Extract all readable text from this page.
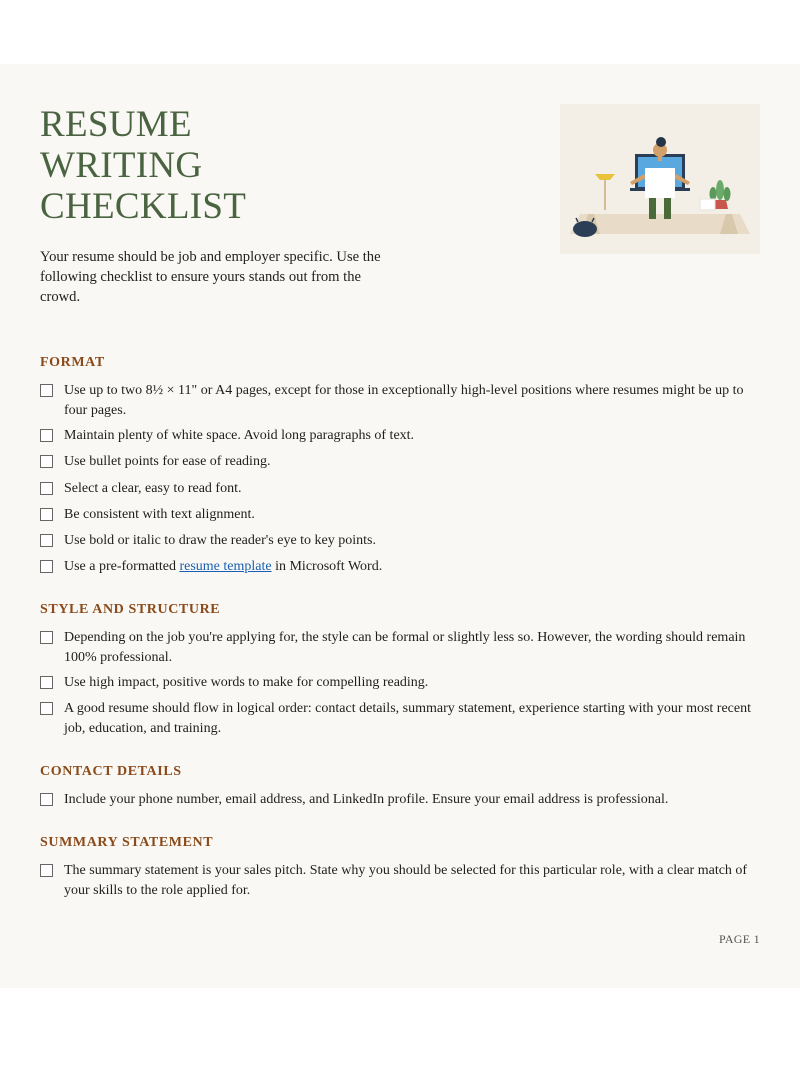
RESUME
WRITING
CHECKLIST

Your resume should be job and employer specific. Use the following checklist to ensure yours stands out from the crowd.

FORMAT
Use up to two 8½ × 11" or A4 pages, except for those in exceptionally high-level positions where resumes might be up to four pages.
Maintain plenty of white space. Avoid long paragraphs of text.
Use bullet points for ease of reading.
Select a clear, easy to read font.
Be consistent with text alignment.
Use bold or italic to draw the reader's eye to key points.
Use a pre-formatted resume template in Microsoft Word.
STYLE AND STRUCTURE
Depending on the job you're applying for, the style can be formal or slightly less so. However, the wording should remain 100% professional.
Use high impact, positive words to make for compelling reading.
A good resume should flow in logical order: contact details, summary statement, experience starting with your most recent job, education, and training.
CONTACT DETAILS
Include your phone number, email address, and LinkedIn profile. Ensure your email address is professional.
SUMMARY STATEMENT
The summary statement is your sales pitch. State why you should be selected for this particular role, with a clear match of your skills to the role applied for.
PAGE 1
